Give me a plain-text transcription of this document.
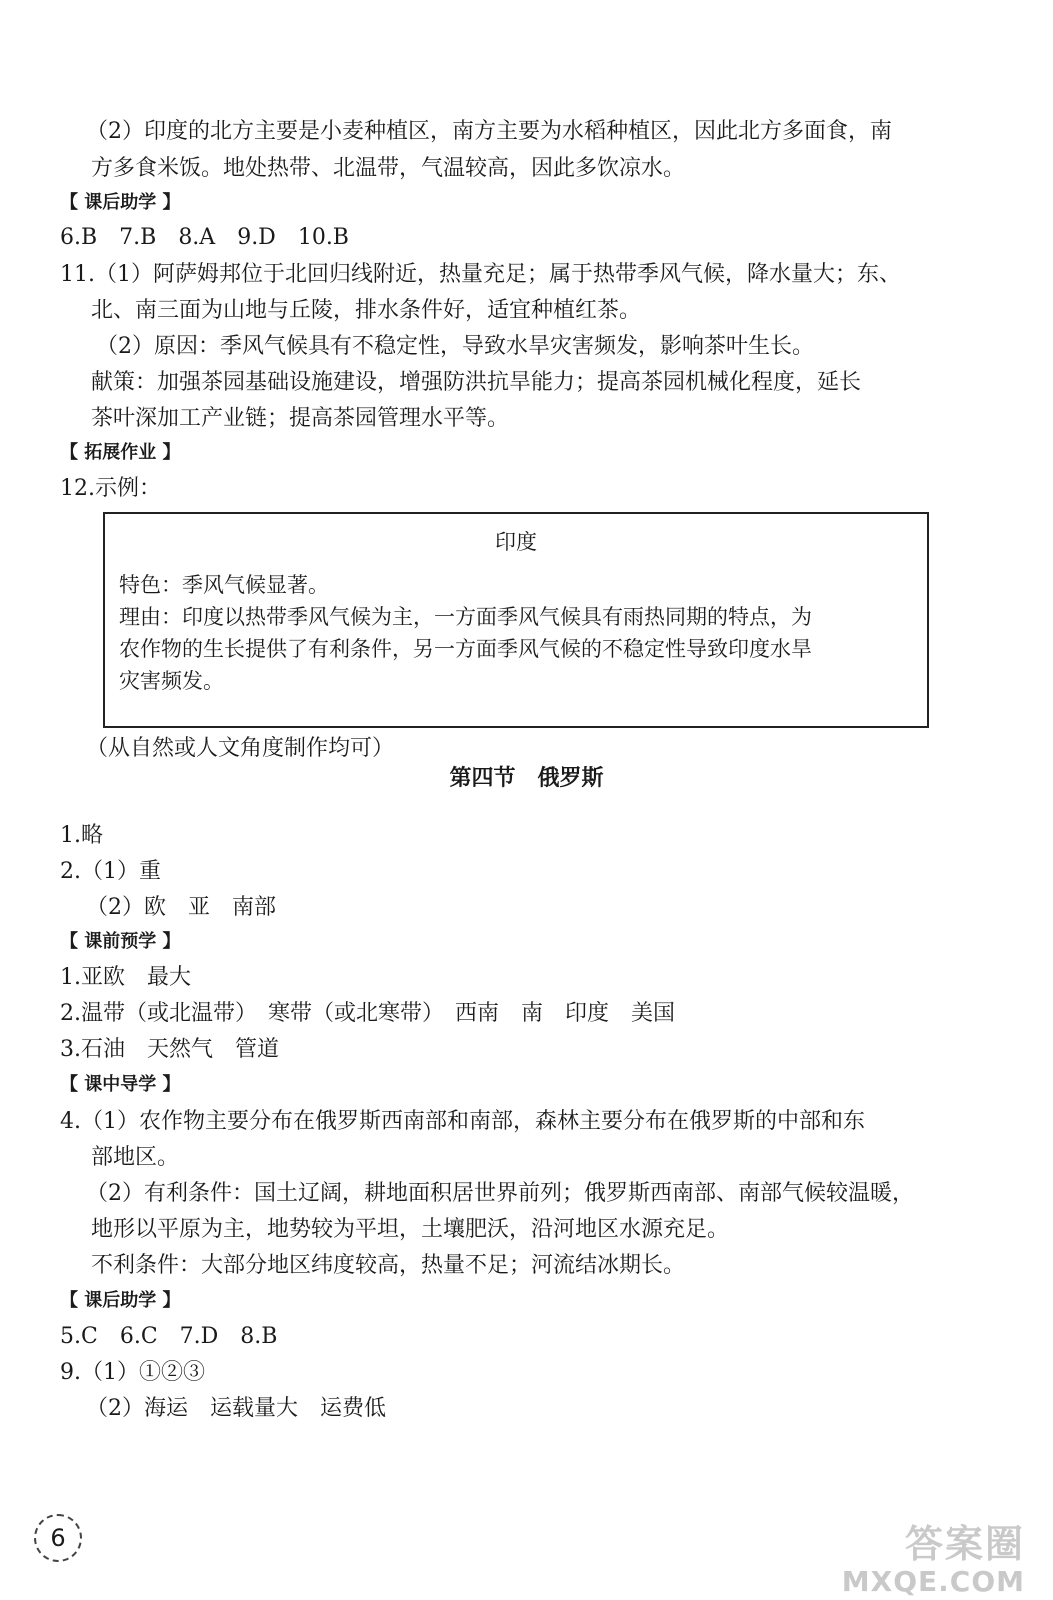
（2）印度的北方主要是小麦种植区，南方主要为水稻种植区，因此北方多面食，南
方多食米饭。地处热带、北温带，气温较高，因此多饮凉水。
【 课后助学 】
6.B　7.B　8.A　9.D　10.B
11.（1）阿萨姆邦位于北回归线附近，热量充足；属于热带季风气候，降水量大；东、
北、南三面为山地与丘陵，排水条件好，适宜种植红茶。
（2）原因：季风气候具有不稳定性，导致水旱灾害频发，影响茶叶生长。
献策：加强茶园基础设施建设，增强防洪抗旱能力；提高茶园机械化程度，延长
茶叶深加工产业链；提高茶园管理水平等。
【 拓展作业 】
12.示例：
印度
特色：季风气候显著。
理由：印度以热带季风气候为主，一方面季风气候具有雨热同期的特点，为
农作物的生长提供了有利条件，另一方面季风气候的不稳定性导致印度水旱
灾害频发。
（从自然或人文角度制作均可）
第四节　俄罗斯
1.略
2.（1）重
（2）欧　亚　南部
【 课前预学 】
1.亚欧　最大
2.温带（或北温带）　寒带（或北寒带）　西南　南　印度　美国
3.石油　天然气　管道
【 课中导学 】
4.（1）农作物主要分布在俄罗斯西南部和南部，森林主要分布在俄罗斯的中部和东
部地区。
（2）有利条件：国土辽阔，耕地面积居世界前列；俄罗斯西南部、南部气候较温暖，
地形以平原为主，地势较为平坦，土壤肥沃，沿河地区水源充足。
不利条件：大部分地区纬度较高，热量不足；河流结冰期长。
【 课后助学 】
5.C　6.C　7.D　8.B
9.（1）①②③
（2）海运　运载量大　运费低
6	答案圈
MXQE.COM
